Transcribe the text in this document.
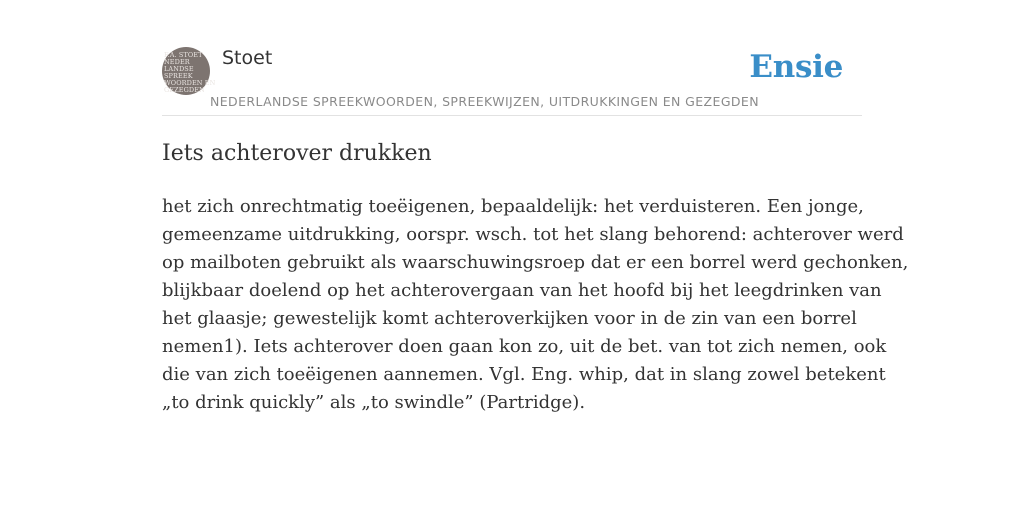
F.A. STOET
NEDER
LANDSE
SPREEK
WOORDEN EN
GEZEGDEN
Stoet	Ensie
NEDERLANDSE SPREEKWOORDEN, SPREEKWIJZEN, UITDRUKKINGEN EN GEZEGDEN
Iets achterover drukken
het zich onrechtmatig toeëigenen, bepaaldelijk: het verduisteren. Een jonge,
gemeenzame uitdrukking, oorspr. wsch. tot het slang behorend: achterover werd
op mailboten gebruikt als waarschuwingsroep dat er een borrel werd gechonken,
blijkbaar doelend op het achterovergaan van het hoofd bij het leegdrinken van
het glaasje; gewestelijk komt achteroverkijken voor in de zin van een borrel
nemen1). Iets achterover doen gaan kon zo, uit de bet. van tot zich nemen, ook
die van zich toeëigenen aannemen. Vgl. Eng. whip, dat in slang zowel betekent
„to drink quickly” als „to swindle” (Partridge).
